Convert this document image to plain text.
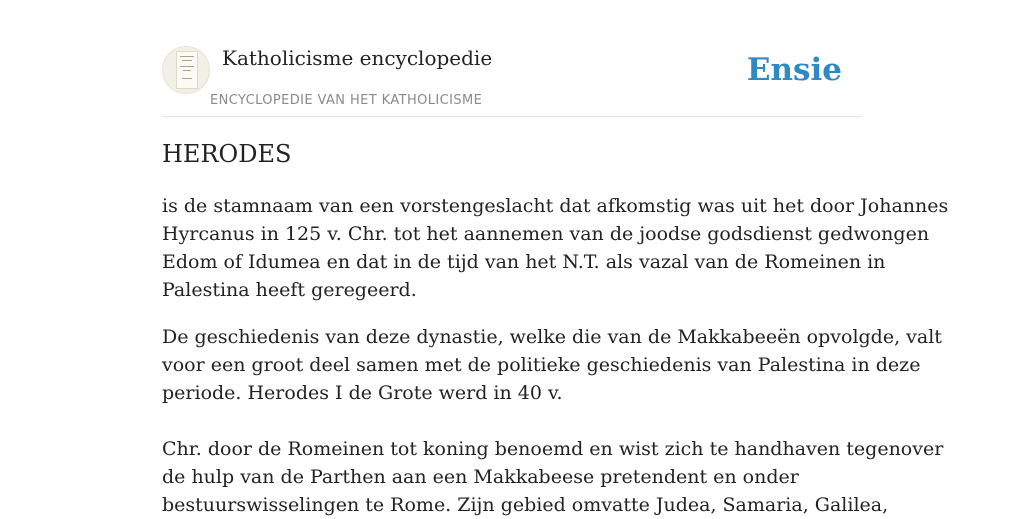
Katholicisme encyclopedie
ENCYCLOPEDIE VAN HET KATHOLICISME
Ensie
HERODES

is de stamnaam van een vorstengeslacht dat afkomstig was uit het door Johannes
Hyrcanus in 125 v. Chr. tot het aannemen van de joodse godsdienst gedwongen
Edom of Idumea en dat in de tijd van het N.T. als vazal van de Romeinen in
Palestina heeft geregeerd.

De geschiedenis van deze dynastie, welke die van de Makkabeeën opvolgde, valt
voor een groot deel samen met de politieke geschiedenis van Palestina in deze
periode. Herodes I de Grote werd in 40 v.

Chr. door de Romeinen tot koning benoemd en wist zich te handhaven tegenover
de hulp van de Parthen aan een Makkabeese pretendent en onder
bestuurswisselingen te Rome. Zijn gebied omvatte Judea, Samaria, Galilea,
